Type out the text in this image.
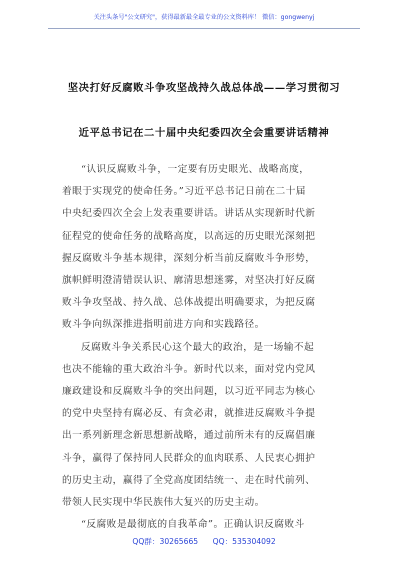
关注头条号"公文研究"，获得最新最全最专业的公文资料库！ 微信：gongwenyj
坚决打好反腐败斗争攻坚战持久战总体战——学习贯彻习
近平总书记在二十届中央纪委四次全会重要讲话精神

“认识反腐败斗争，一定要有历史眼光、战略高度，
着眼于实现党的使命任务。”习近平总书记日前在二十届
中央纪委四次全会上发表重要讲话。讲话从实现新时代新
征程党的使命任务的战略高度，以高远的历史眼光深刻把
握反腐败斗争基本规律，深刻分析当前反腐败斗争形势，
旗帜鲜明澄清错误认识、廓清思想迷雾，对坚决打好反腐
败斗争攻坚战、持久战、总体战提出明确要求，为把反腐
败斗争向纵深推进指明前进方向和实践路径。

反腐败斗争关系民心这个最大的政治，是一场输不起
也决不能输的重大政治斗争。新时代以来，面对党内党风
廉政建设和反腐败斗争的突出问题，以习近平同志为核心
的党中央坚持有腐必反、有贪必肃，就推进反腐败斗争提
出一系列新理念新思想新战略，通过前所未有的反腐倡廉
斗争，赢得了保持同人民群众的血肉联系、人民衷心拥护
的历史主动，赢得了全党高度团结统一、走在时代前列、
带领人民实现中华民族伟大复兴的历史主动。

“反腐败是最彻底的自我革命”。正确认识反腐败斗

QQ群：30265665      QQ：535304092
